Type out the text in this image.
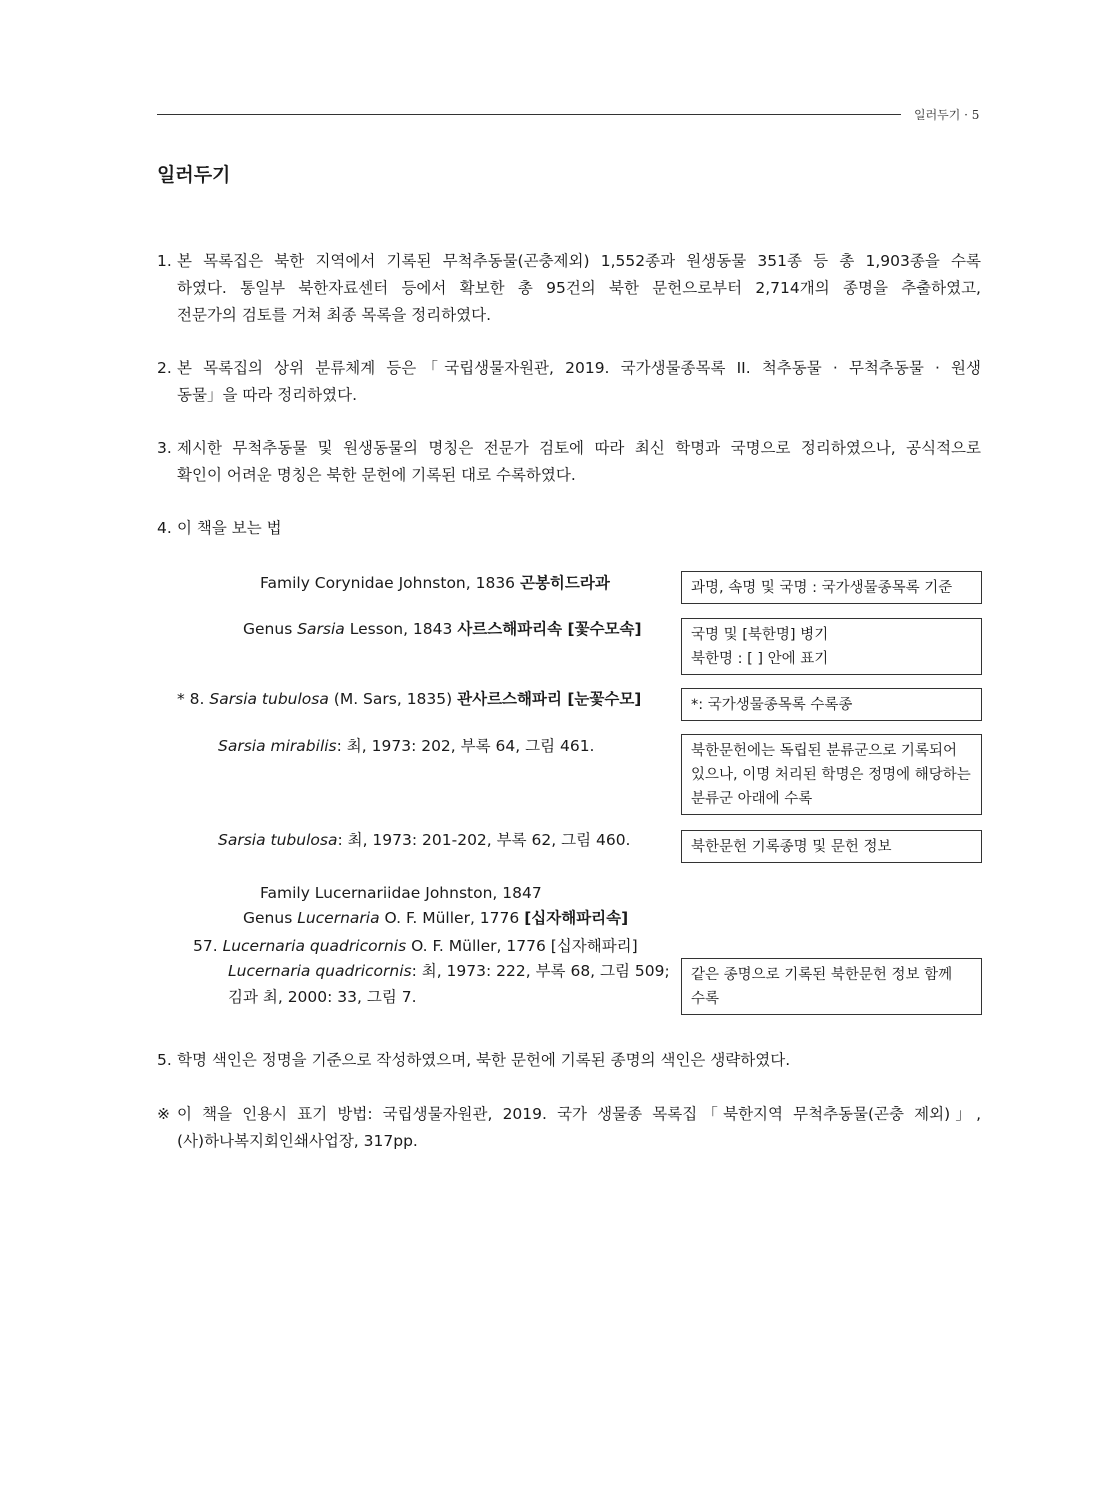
일러두기 · 5
일러두기
1. 본 목록집은 북한 지역에서 기록된 무척추동물(곤충제외) 1,552종과 원생동물 351종 등 총 1,903종을 수록
하였다. 통일부 북한자료센터 등에서 확보한 총 95건의 북한 문헌으로부터 2,714개의 종명을 추출하였고,
전문가의 검토를 거쳐 최종 목록을 정리하였다.
2. 본 목록집의 상위 분류체계 등은「국립생물자원관, 2019. 국가생물종목록 II. 척추동물 · 무척추동물 · 원생
동물」을 따라 정리하였다.
3. 제시한 무척추동물 및 원생동물의 명칭은 전문가 검토에 따라 최신 학명과 국명으로 정리하였으나, 공식적으로
확인이 어려운 명칭은 북한 문헌에 기록된 대로 수록하였다.
4. 이 책을 보는 법
Family Corynidae Johnston, 1836 곤봉히드라과
Genus Sarsia Lesson, 1843 사르스해파리속 [꽃수모속]
* 8. Sarsia tubulosa (M. Sars, 1835) 관사르스해파리 [눈꽃수모]
Sarsia mirabilis: 최, 1973: 202, 부록 64, 그림 461.
Sarsia tubulosa: 최, 1973: 201-202, 부록 62, 그림 460.
Family Lucernariidae Johnston, 1847
Genus Lucernaria O. F. Müller, 1776 [십자해파리속]
57. Lucernaria quadricornis O. F. Müller, 1776 [십자해파리]
Lucernaria quadricornis: 최, 1973: 222, 부록 68, 그림 509;
김과 최, 2000: 33, 그림 7.
과명, 속명 및 국명 : 국가생물종목록 기준
국명 및 [북한명] 병기
북한명 : [ ] 안에 표기
*: 국가생물종목록 수록종
북한문헌에는 독립된 분류군으로 기록되어
있으나, 이명 처리된 학명은 정명에 해당하는
분류군 아래에 수록
북한문헌 기록종명 및 문헌 정보
같은 종명으로 기록된 북한문헌 정보 함께
수록
5. 학명 색인은 정명을 기준으로 작성하였으며, 북한 문헌에 기록된 종명의 색인은 생략하였다.
※ 이 책을 인용시 표기 방법: 국립생물자원관, 2019. 국가 생물종 목록집「북한지역 무척추동물(곤충 제외)」,
(사)하나복지회인쇄사업장, 317pp.
